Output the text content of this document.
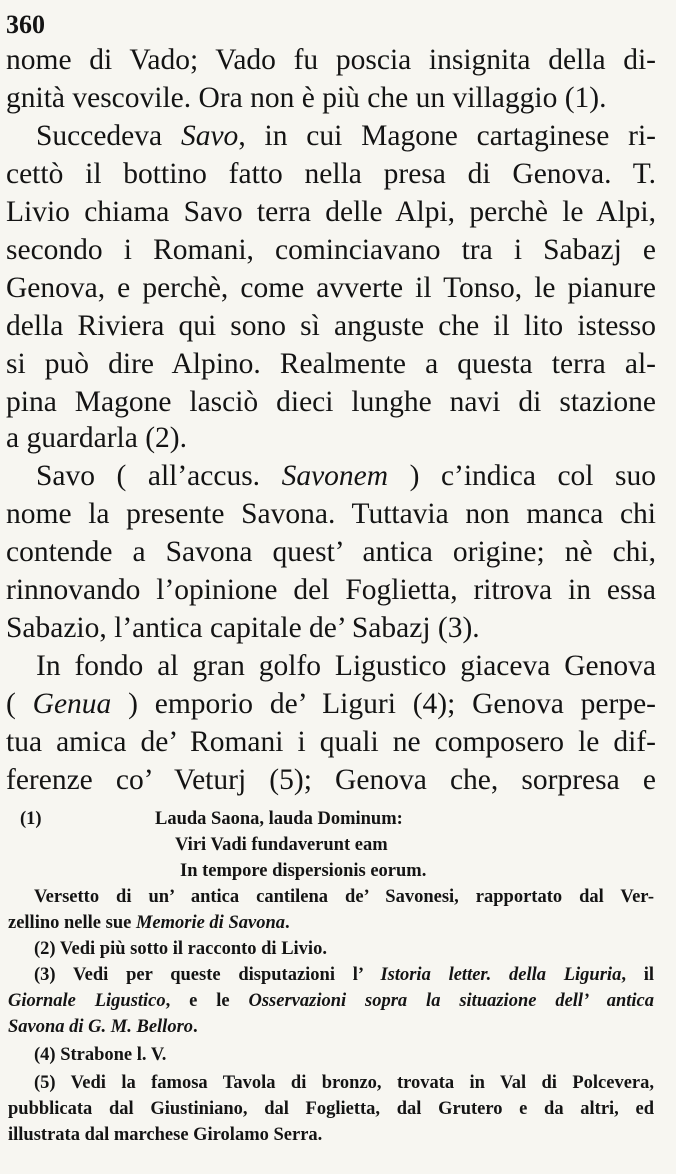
360
nome di Vado; Vado fu poscia insignita della di-
gnità vescovile. Ora non è più che un villaggio (1).
Succedeva Savo, in cui Magone cartaginese ri-
cettò il bottino fatto nella presa di Genova. T.
Livio chiama Savo terra delle Alpi, perchè le Alpi,
secondo i Romani, cominciavano tra i Sabazj e
Genova, e perchè, come avverte il Tonso, le pianure
della Riviera qui sono sì anguste che il lito istesso
si può dire Alpino. Realmente a questa terra al-
pina Magone lasciò dieci lunghe navi di stazione
a guardarla (2).
Savo ( all’accus. Savonem ) c’indica col suo
nome la presente Savona. Tuttavia non manca chi
contende a Savona quest’ antica origine; nè chi,
rinnovando l’opinione del Foglietta, ritrova in essa
Sabazio, l’antica capitale de’ Sabazj (3).
In fondo al gran golfo Ligustico giaceva Genova
( Genua ) emporio de’ Liguri (4); Genova perpe-
tua amica de’ Romani i quali ne composero le dif-
ferenze co’ Veturj (5); Genova che, sorpresa e
(1)	Lauda Saona, lauda Dominum:
Viri Vadi fundaverunt eam
In tempore dispersionis eorum.
Versetto di un’ antica cantilena de’ Savonesi, rapportato dal Ver-
zellino nelle sue Memorie di Savona.
(2) Vedi più sotto il racconto di Livio.
(3) Vedi per queste disputazioni l’ Istoria letter. della Liguria, il
Giornale Ligustico, e le Osservazioni sopra la situazione dell’ antica
Savona di G. M. Belloro.
(4) Strabone l. V.
(5) Vedi la famosa Tavola di bronzo, trovata in Val di Polcevera,
pubblicata dal Giustiniano, dal Foglietta, dal Grutero e da altri, ed
illustrata dal marchese Girolamo Serra.
